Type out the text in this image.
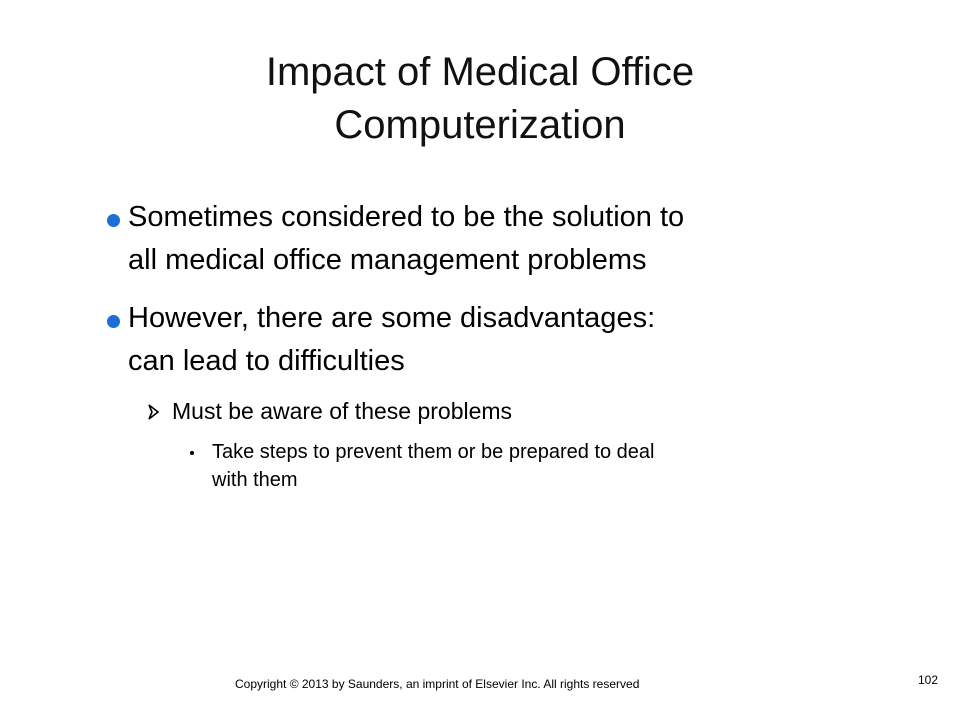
Impact of Medical Office
Computerization
Sometimes considered to be the solution to
all medical office management problems
However, there are some disadvantages:
can lead to difficulties
Must be aware of these problems
Take steps to prevent them or be prepared to deal
with them
Copyright © 2013 by Saunders, an imprint of Elsevier Inc. All rights reserved	102
